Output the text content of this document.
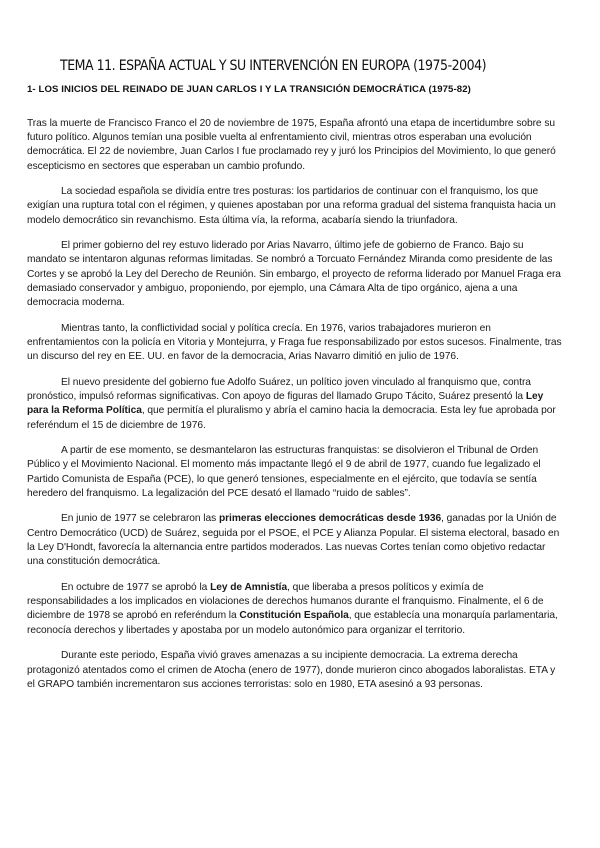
TEMA 11. ESPAÑA ACTUAL Y SU INTERVENCIÓN EN EUROPA (1975-2004)
1- LOS INICIOS DEL REINADO DE JUAN CARLOS I Y LA TRANSICIÓN DEMOCRÁTICA (1975-82)

Tras la muerte de Francisco Franco el 20 de noviembre de 1975, España afrontó una etapa de incertidumbre sobre su futuro político. Algunos temían una posible vuelta al enfrentamiento civil, mientras otros esperaban una evolución democrática. El 22 de noviembre, Juan Carlos I fue proclamado rey y juró los Principios del Movimiento, lo que generó escepticismo en sectores que esperaban un cambio profundo.

La sociedad española se dividía entre tres posturas: los partidarios de continuar con el franquismo, los que exigían una ruptura total con el régimen, y quienes apostaban por una reforma gradual del sistema franquista hacia un modelo democrático sin revanchismo. Esta última vía, la reforma, acabaría siendo la triunfadora.

El primer gobierno del rey estuvo liderado por Arias Navarro, último jefe de gobierno de Franco. Bajo su mandato se intentaron algunas reformas limitadas. Se nombró a Torcuato Fernández Miranda como presidente de las Cortes y se aprobó la Ley del Derecho de Reunión. Sin embargo, el proyecto de reforma liderado por Manuel Fraga era demasiado conservador y ambiguo, proponiendo, por ejemplo, una Cámara Alta de tipo orgánico, ajena a una democracia moderna.

Mientras tanto, la conflictividad social y política crecía. En 1976, varios trabajadores murieron en enfrentamientos con la policía en Vitoria y Montejurra, y Fraga fue responsabilizado por estos sucesos. Finalmente, tras un discurso del rey en EE. UU. en favor de la democracia, Arias Navarro dimitió en julio de 1976.

El nuevo presidente del gobierno fue Adolfo Suárez, un político joven vinculado al franquismo que, contra pronóstico, impulsó reformas significativas. Con apoyo de figuras del llamado Grupo Tácito, Suárez presentó la Ley para la Reforma Política, que permitía el pluralismo y abría el camino hacia la democracia. Esta ley fue aprobada por referéndum el 15 de diciembre de 1976.

A partir de ese momento, se desmantelaron las estructuras franquistas: se disolvieron el Tribunal de Orden Público y el Movimiento Nacional. El momento más impactante llegó el 9 de abril de 1977, cuando fue legalizado el Partido Comunista de España (PCE), lo que generó tensiones, especialmente en el ejército, que todavía se sentía heredero del franquismo. La legalización del PCE desató el llamado “ruido de sables”.

En junio de 1977 se celebraron las primeras elecciones democráticas desde 1936, ganadas por la Unión de Centro Democrático (UCD) de Suárez, seguida por el PSOE, el PCE y Alianza Popular. El sistema electoral, basado en la Ley D'Hondt, favorecía la alternancia entre partidos moderados. Las nuevas Cortes tenían como objetivo redactar una constitución democrática.

En octubre de 1977 se aprobó la Ley de Amnistía, que liberaba a presos políticos y eximía de responsabilidades a los implicados en violaciones de derechos humanos durante el franquismo. Finalmente, el 6 de diciembre de 1978 se aprobó en referéndum la Constitución Española, que establecía una monarquía parlamentaria, reconocía derechos y libertades y apostaba por un modelo autonómico para organizar el territorio.

Durante este periodo, España vivió graves amenazas a su incipiente democracia. La extrema derecha protagonizó atentados como el crimen de Atocha (enero de 1977), donde murieron cinco abogados laboralistas. ETA y el GRAPO también incrementaron sus acciones terroristas: solo en 1980, ETA asesinó a 93 personas.
